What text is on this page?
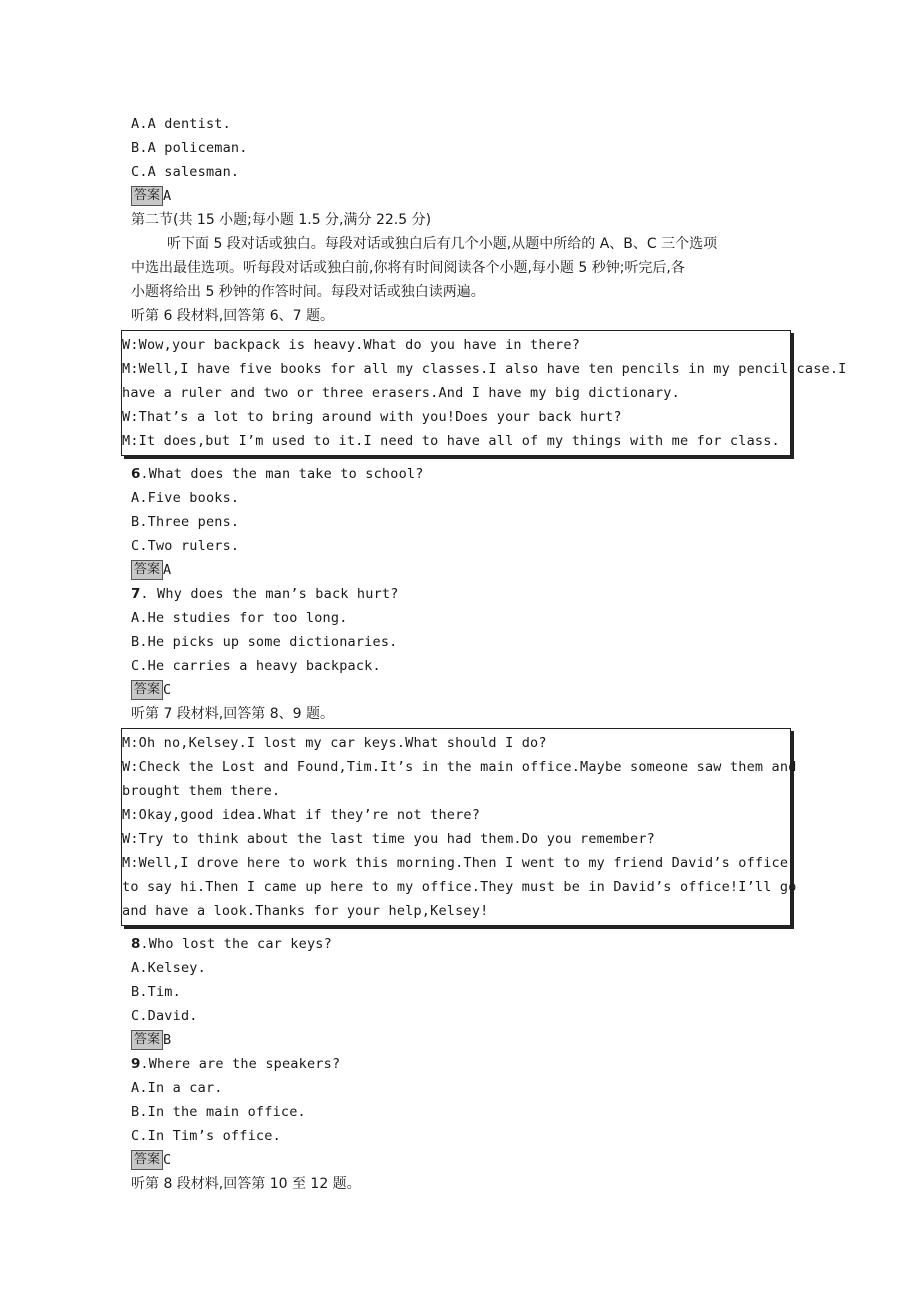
A.A dentist.
B.A policeman.
C.A salesman.
答案 A
第二节(共 15 小题;每小题 1.5 分,满分 22.5 分)
听下面 5 段对话或独白。每段对话或独白后有几个小题,从题中所给的 A、B、C 三个选项
中选出最佳选项。听每段对话或独白前,你将有时间阅读各个小题,每小题 5 秒钟;听完后,各
小题将给出 5 秒钟的作答时间。每段对话或独白读两遍。
听第 6 段材料,回答第 6、7 题。
W:Wow,your backpack is heavy.What do you have in there?
M:Well,I have five books for all my classes.I also have ten pencils in my pencil case.I
have a ruler and two or three erasers.And I have my big dictionary.
W:That’s a lot to bring around with you!Does your back hurt?
M:It does,but I’m used to it.I need to have all of my things with me for class.
6.What does the man take to school?
A.Five books.
B.Three pens.
C.Two rulers.
答案 A
7. Why does the man’s back hurt?
A.He studies for too long.
B.He picks up some dictionaries.
C.He carries a heavy backpack.
答案 C
听第 7 段材料,回答第 8、9 题。
M:Oh no,Kelsey.I lost my car keys.What should I do?
W:Check the Lost and Found,Tim.It’s in the main office.Maybe someone saw them and
brought them there.
M:Okay,good idea.What if they’re not there?
W:Try to think about the last time you had them.Do you remember?
M:Well,I drove here to work this morning.Then I went to my friend David’s office
to say hi.Then I came up here to my office.They must be in David’s office!I’ll go
and have a look.Thanks for your help,Kelsey!
8.Who lost the car keys?
A.Kelsey.
B.Tim.
C.David.
答案 B
9.Where are the speakers?
A.In a car.
B.In the main office.
C.In Tim’s office.
答案 C
听第 8 段材料,回答第 10 至 12 题。
